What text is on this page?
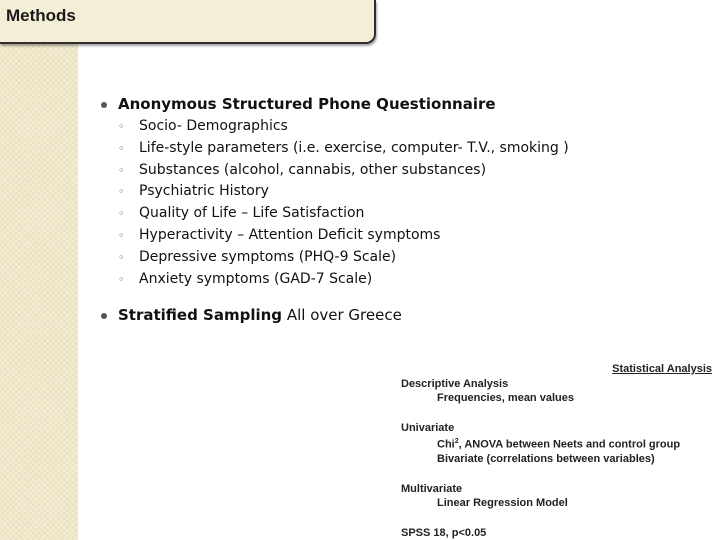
Methods
Anonymous Structured Phone Questionnaire
◦ Socio- Demographics
◦ Life-style parameters (i.e. exercise, computer- T.V., smoking )
◦ Substances (alcohol, cannabis, other substances)
◦ Psychiatric History
◦ Quality of Life – Life Satisfaction
◦ Hyperactivity – Attention Deficit symptoms
◦ Depressive symptoms (PHQ-9 Scale)
◦ Anxiety symptoms (GAD-7 Scale)
Stratified Sampling All over Greece
Statistical Analysis
Descriptive Analysis
Frequencies, mean values
Univariate
Chi$^2$, ANOVA between Neets and control group
Bivariate (correlations between variables)
Multivariate
Linear Regression Model
SPSS 18, p<0.05
